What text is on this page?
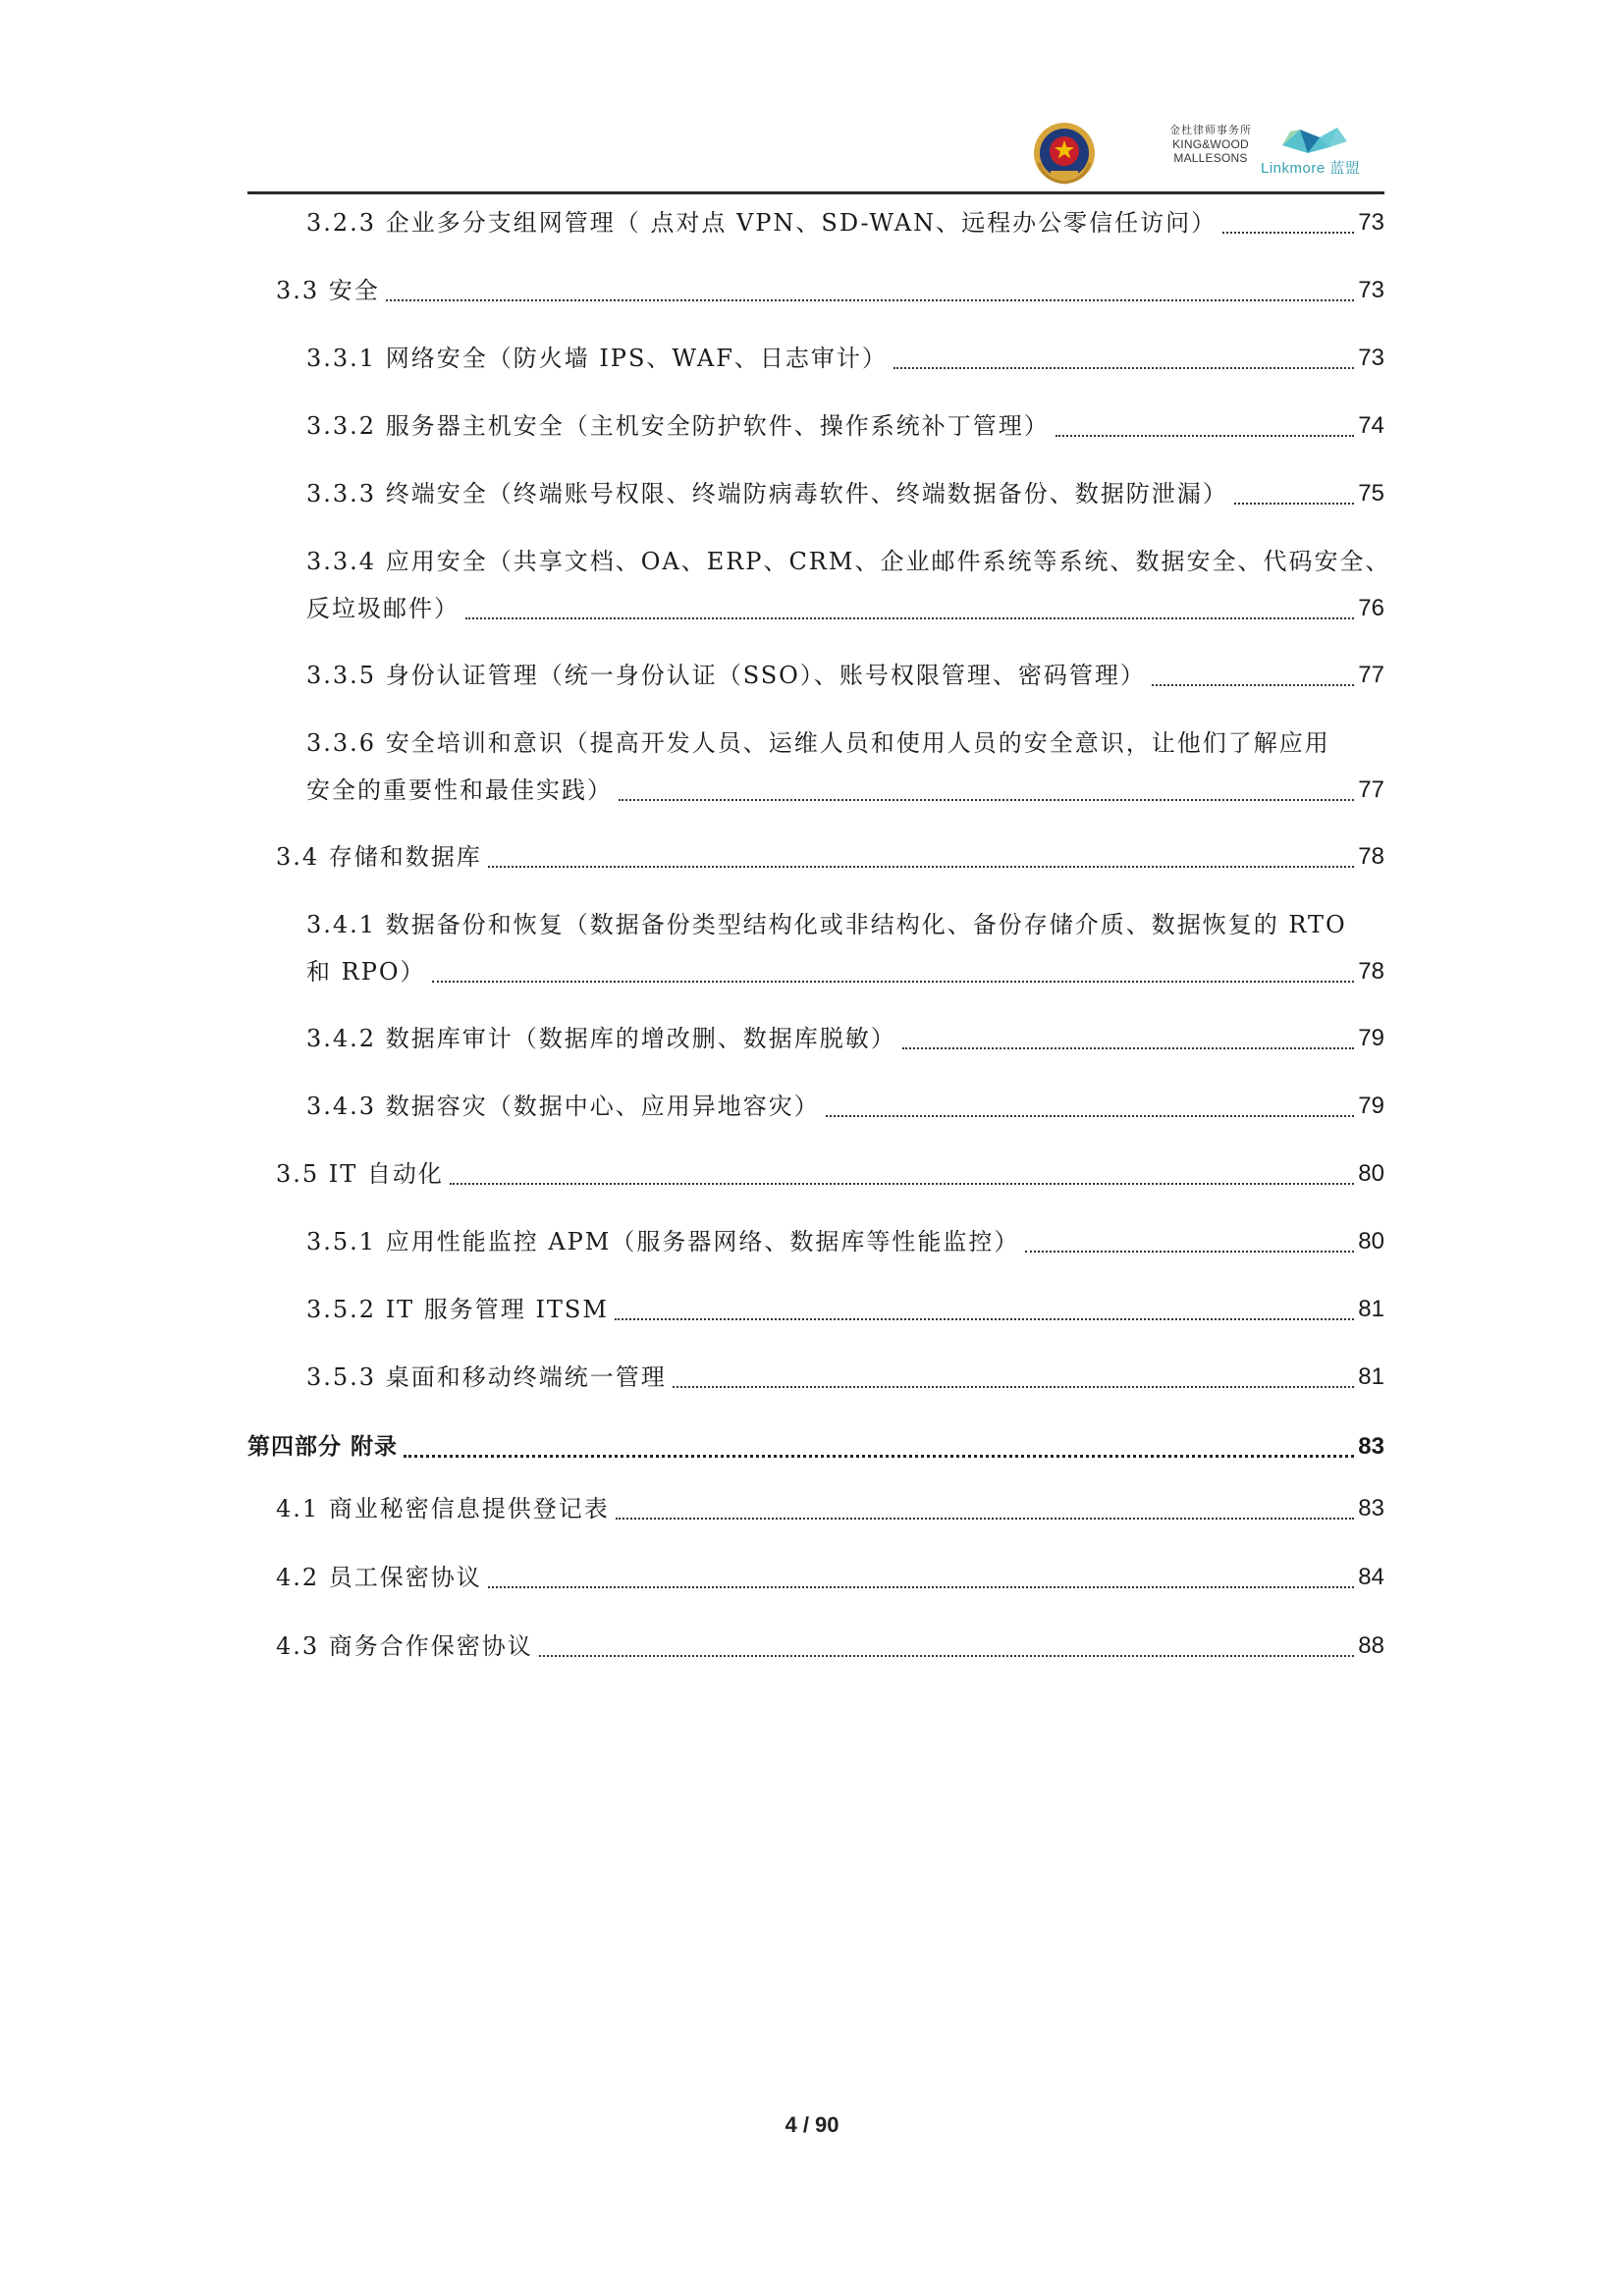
金杜律师事务所
KING&WOOD
MALLESONS
Linkmore 蓝盟
3.2.3 企业多分支组网管理（ 点对点 VPN、SD-WAN、远程办公零信任访问）	73
3.3 安全	73
3.3.1 网络安全（防火墙 IPS、WAF、日志审计）	73
3.3.2 服务器主机安全（主机安全防护软件、操作系统补丁管理）	74
3.3.3 终端安全（终端账号权限、终端防病毒软件、终端数据备份、数据防泄漏）	75
3.3.4 应用安全（共享文档、OA、ERP、CRM、企业邮件系统等系统、数据安全、代码安全、
反垃圾邮件）	76
3.3.5 身份认证管理（统一身份认证（SSO）、账号权限管理、密码管理）	77
3.3.6 安全培训和意识（提高开发人员、运维人员和使用人员的安全意识，让他们了解应用
安全的重要性和最佳实践）	77
3.4 存储和数据库	78
3.4.1 数据备份和恢复（数据备份类型结构化或非结构化、备份存储介质、数据恢复的 RTO
和 RPO）	78
3.4.2 数据库审计（数据库的增改删、数据库脱敏）	79
3.4.3 数据容灾（数据中心、应用异地容灾）	79
3.5 IT 自动化	80
3.5.1 应用性能监控 APM（服务器网络、数据库等性能监控）	80
3.5.2 IT 服务管理 ITSM	81
3.5.3 桌面和移动终端统一管理	81
第四部分 附录	83
4.1 商业秘密信息提供登记表	83
4.2 员工保密协议	84
4.3 商务合作保密协议	88
4 / 90
